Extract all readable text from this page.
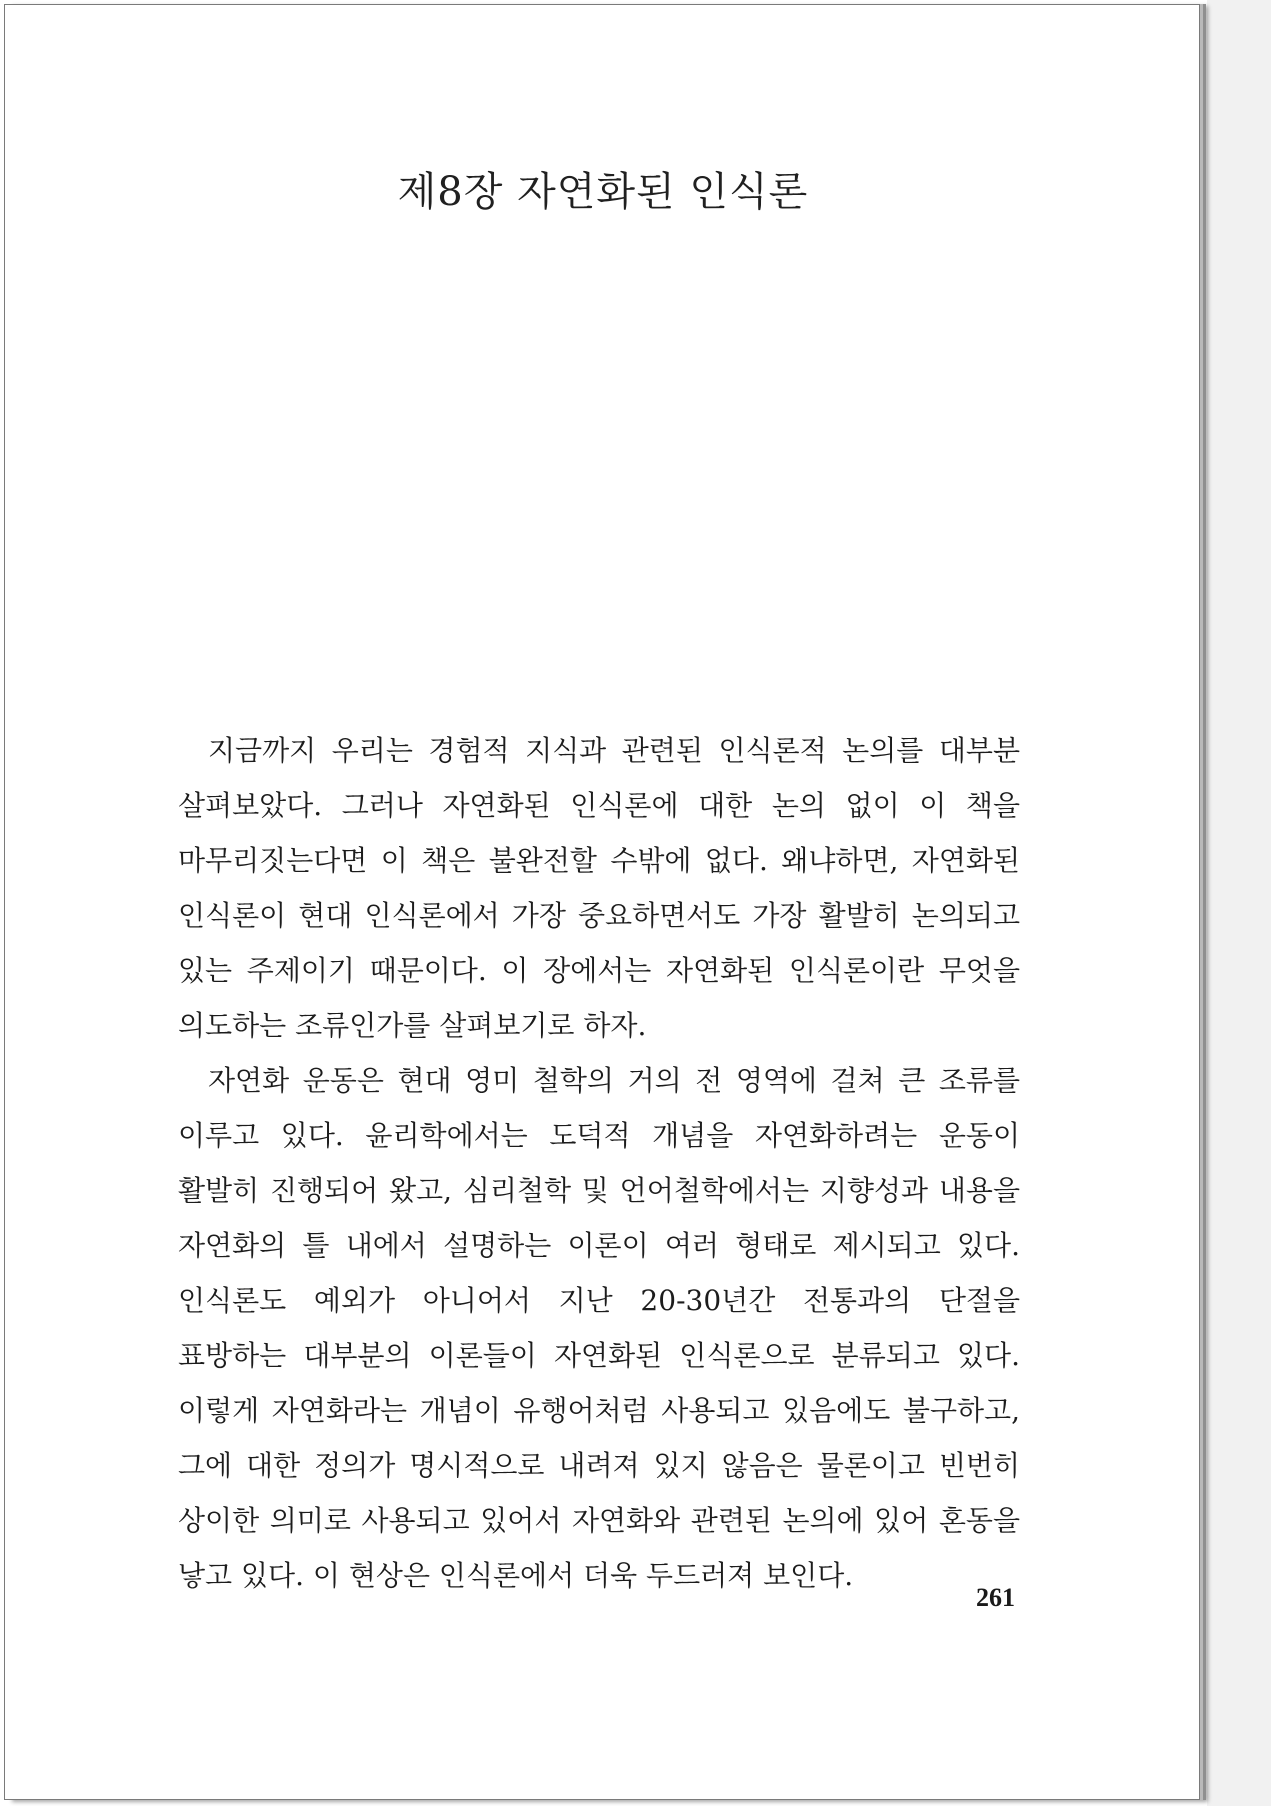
제8장 자연화된 인식론

지금까지 우리는 경험적 지식과 관련된 인식론적 논의를 대부분 살펴보았다. 그러나 자연화된 인식론에 대한 논의 없이 이 책을 마무리짓는다면 이 책은 불완전할 수밖에 없다. 왜냐하면, 자연화된 인식론이 현대 인식론에서 가장 중요하면서도 가장 활발히 논의되고 있는 주제이기 때문이다. 이 장에서는 자연화된 인식론이란 무엇을 의도하는 조류인가를 살펴보기로 하자.

자연화 운동은 현대 영미 철학의 거의 전 영역에 걸쳐 큰 조류를 이루고 있다. 윤리학에서는 도덕적 개념을 자연화하려는 운동이 활발히 진행되어 왔고, 심리철학 및 언어철학에서는 지향성과 내용을 자연화의 틀 내에서 설명하는 이론이 여러 형태로 제시되고 있다. 인식론도 예외가 아니어서 지난 20-30년간 전통과의 단절을 표방하는 대부분의 이론들이 자연화된 인식론으로 분류되고 있다. 이렇게 자연화라는 개념이 유행어처럼 사용되고 있음에도 불구하고, 그에 대한 정의가 명시적으로 내려져 있지 않음은 물론이고 빈번히 상이한 의미로 사용되고 있어서 자연화와 관련된 논의에 있어 혼동을 낳고 있다. 이 현상은 인식론에서 더욱 두드러져 보인다.

261
